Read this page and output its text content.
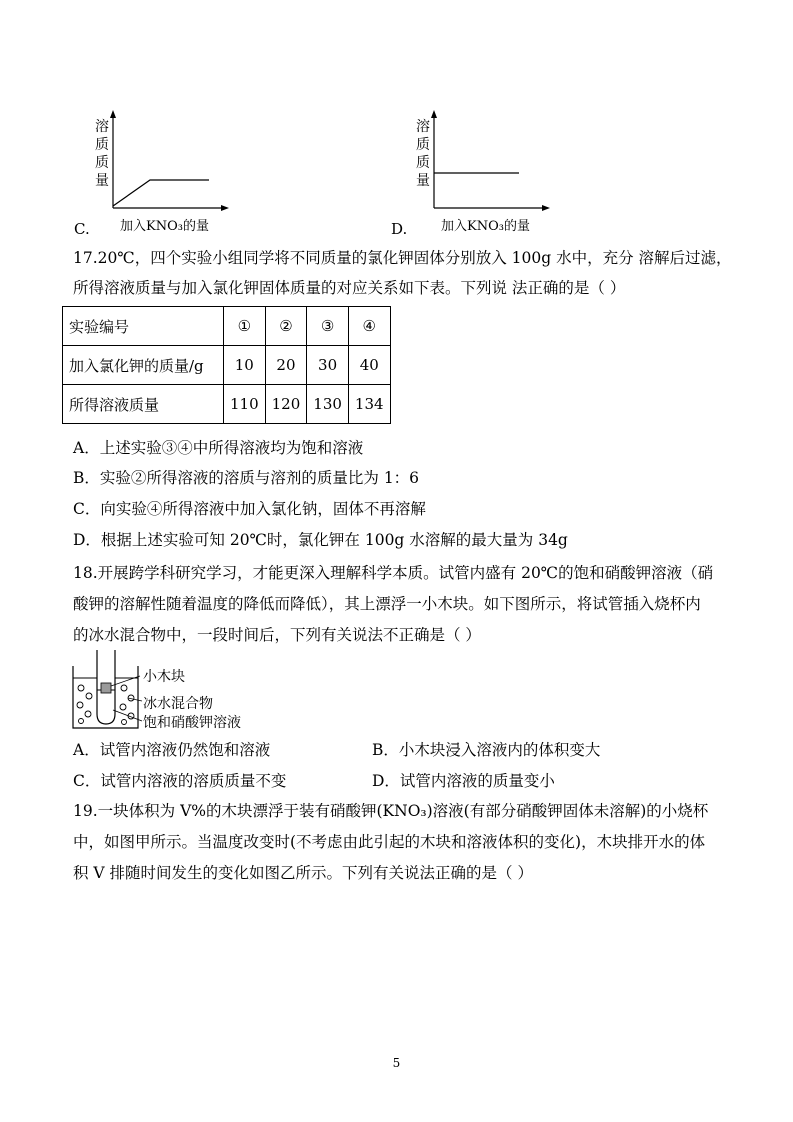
溶
质
质
量
加入KNO₃的量
C.
溶
质
质
量
加入KNO₃的量
D.
17.20℃，四个实验小组同学将不同质量的氯化钾固体分别放入 100g 水中，充分 溶解后过滤，
所得溶液质量与加入氯化钾固体质量的对应关系如下表。下列说 法正确的是（ ）
实验编号	①	②	③	④
加入氯化钾的质量/g	10	20	30	40
所得溶液质量	110	120	130	134
A．上述实验③④中所得溶液均为饱和溶液
B．实验②所得溶液的溶质与溶剂的质量比为 1：6
C．向实验④所得溶液中加入氯化钠，固体不再溶解
D．根据上述实验可知 20℃时，氯化钾在 100g 水溶解的最大量为 34g
18.开展跨学科研究学习，才能更深入理解科学本质。试管内盛有 20℃的饱和硝酸钾溶液（硝
酸钾的溶解性随着温度的降低而降低），其上漂浮一小木块。如下图所示，将试管插入烧杯内
的冰水混合物中，一段时间后，下列有关说法不正确是（ ）
小木块
冰水混合物
饱和硝酸钾溶液
A．试管内溶液仍然饱和溶液	B．小木块浸入溶液内的体积变大
C．试管内溶液的溶质质量不变	D．试管内溶液的质量变小
19.一块体积为 V%的木块漂浮于装有硝酸钾(KNO₃)溶液(有部分硝酸钾固体未溶解)的小烧杯
中，如图甲所示。当温度改变时(不考虑由此引起的木块和溶液体积的变化)，木块排开水的体
积 V 排随时间发生的变化如图乙所示。下列有关说法正确的是（ ）
5
